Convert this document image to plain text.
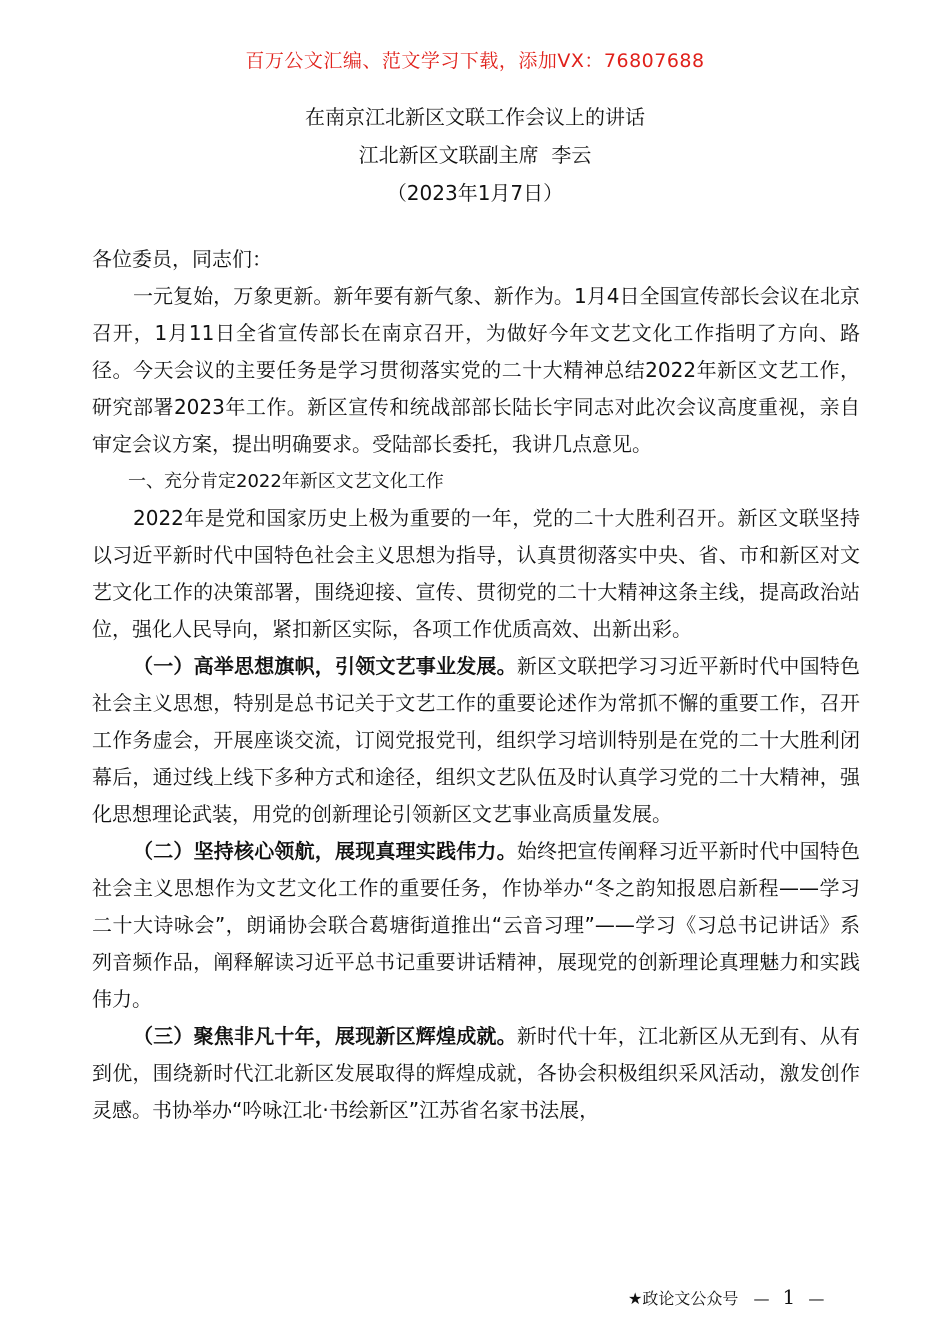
百万公文汇编、范文学习下载，添加VX：76807688
在南京江北新区文联工作会议上的讲话
江北新区文联副主席  李云
（2023年1月7日）

各位委员，同志们：

一元复始，万象更新。新年要有新气象、新作为。1月4日全国宣传部长会议在北京召开，1月11日全省宣传部长在南京召开，为做好今年文艺文化工作指明了方向、路径。今天会议的主要任务是学习贯彻落实党的二十大精神总结2022年新区文艺工作，研究部署2023年工作。新区宣传和统战部部长陆长宇同志对此次会议高度重视，亲自审定会议方案，提出明确要求。受陆部长委托，我讲几点意见。

一、充分肯定2022年新区文艺文化工作

2022年是党和国家历史上极为重要的一年，党的二十大胜利召开。新区文联坚持以习近平新时代中国特色社会主义思想为指导，认真贯彻落实中央、省、市和新区对文艺文化工作的决策部署，围绕迎接、宣传、贯彻党的二十大精神这条主线，提高政治站位，强化人民导向，紧扣新区实际，各项工作优质高效、出新出彩。

（一）高举思想旗帜，引领文艺事业发展。新区文联把学习习近平新时代中国特色社会主义思想，特别是总书记关于文艺工作的重要论述作为常抓不懈的重要工作，召开工作务虚会，开展座谈交流，订阅党报党刊，组织学习培训特别是在党的二十大胜利闭幕后，通过线上线下多种方式和途径，组织文艺队伍及时认真学习党的二十大精神，强化思想理论武装，用党的创新理论引领新区文艺事业高质量发展。

（二）坚持核心领航，展现真理实践伟力。始终把宣传阐释习近平新时代中国特色社会主义思想作为文艺文化工作的重要任务，作协举办“冬之韵知报恩启新程——学习二十大诗咏会”，朗诵协会联合葛塘街道推出“云音习理”——学习《习总书记讲话》系列音频作品，阐释解读习近平总书记重要讲话精神，展现党的创新理论真理魅力和实践伟力。

（三）聚焦非凡十年，展现新区辉煌成就。新时代十年，江北新区从无到有、从有到优，围绕新时代江北新区发展取得的辉煌成就，各协会积极组织采风活动，激发创作灵感。书协举办“吟咏江北·书绘新区”江苏省名家书法展，

★政论文公众号 — 1 —
